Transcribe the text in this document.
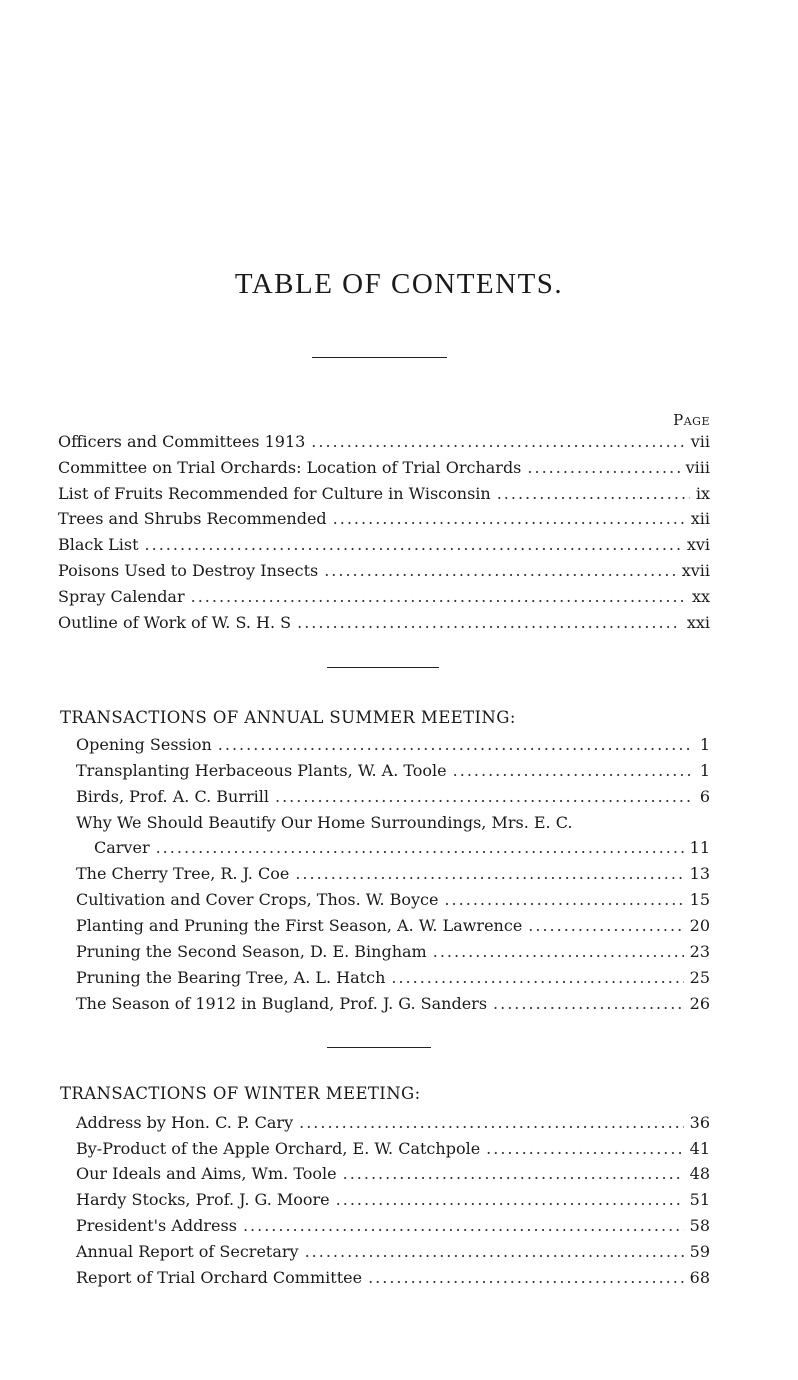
TABLE OF CONTENTS.
Page
Officers and Committees 1913 .....	vii
Committee on Trial Orchards: Location of Trial Orchards .....	viii
List of Fruits Recommended for Culture in Wisconsin .....	ix
Trees and Shrubs Recommended .....	xii
Black List .....	xvi
Poisons Used to Destroy Insects .....	xvii
Spray Calendar .....	xx
Outline of Work of W. S. H. S .....	xxi
TRANSACTIONS OF ANNUAL SUMMER MEETING:
Opening Session .....	1
Transplanting Herbaceous Plants, W. A. Toole .....	1
Birds, Prof. A. C. Burrill .....	6
Why We Should Beautify Our Home Surroundings, Mrs. E. C.
Carver .....	11
The Cherry Tree, R. J. Coe .....	13
Cultivation and Cover Crops, Thos. W. Boyce .....	15
Planting and Pruning the First Season, A. W. Lawrence .....	20
Pruning the Second Season, D. E. Bingham .....	23
Pruning the Bearing Tree, A. L. Hatch .....	25
The Season of 1912 in Bugland, Prof. J. G. Sanders .....	26
TRANSACTIONS OF WINTER MEETING:
Address by Hon. C. P. Cary .....	36
By-Product of the Apple Orchard, E. W. Catchpole .....	41
Our Ideals and Aims, Wm. Toole .....	48
Hardy Stocks, Prof. J. G. Moore .....	51
President's Address .....	58
Annual Report of Secretary .....	59
Report of Trial Orchard Committee .....	68
